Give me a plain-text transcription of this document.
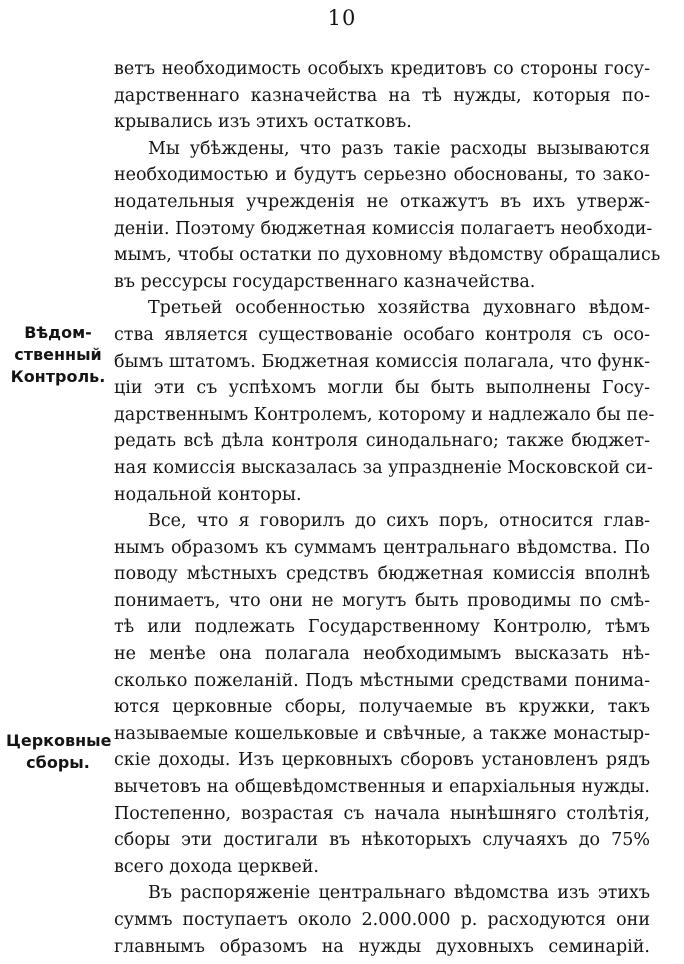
10
Вѣдом-
ственный
Контроль.
Церковные
сборы.
ветъ необходимость особыхъ кредитовъ со стороны госу-
дарственнаго казначейства на тѣ нужды, которыя по-
крывались изъ этихъ остатковъ.
Мы убѣждены, что разъ такіе расходы вызываются
необходимостью и будутъ серьезно обоснованы, то зако-
нодательныя учрежденія не откажутъ въ ихъ утверж-
деніи. Поэтому бюджетная комиссія полагаетъ необходи-
мымъ, чтобы остатки по духовному вѣдомству обращались
въ рессурсы государственнаго казначейства.
Третьей особенностью хозяйства духовнаго вѣдом-
ства является существованіе особаго контроля съ осо-
бымъ штатомъ. Бюджетная комиссія полагала, что функ-
ціи эти съ успѣхомъ могли бы быть выполнены Госу-
дарственнымъ Контролемъ, которому и надлежало бы пе-
редать всѣ дѣла контроля синодальнаго; также бюджет-
ная комиссія высказалась за упраздненіе Московской си-
нодальной конторы.
Все, что я говорилъ до сихъ поръ, относится глав-
нымъ образомъ къ суммамъ центральнаго вѣдомства. По
поводу мѣстныхъ средствъ бюджетная комиссія вполнѣ
понимаетъ, что они не могутъ быть проводимы по смѣ-
тѣ или подлежать Государственному Контролю, тѣмъ
не менѣе она полагала необходимымъ высказать нѣ-
сколько пожеланій. Подъ мѣстными средствами понима-
ются церковные сборы, получаемые въ кружки, такъ
называемые кошельковые и свѣчные, а также монастыр-
скіе доходы. Изъ церковныхъ сборовъ установленъ рядъ
вычетовъ на общевѣдомственныя и епархіальныя нужды.
Постепенно, возрастая съ начала нынѣшняго столѣтія,
сборы эти достигали въ нѣкоторыхъ случаяхъ до 75%
всего дохода церквей.
Въ распоряженіе центральнаго вѣдомства изъ этихъ
суммъ поступаетъ около 2.000.000 р. расходуются они
главнымъ образомъ на нужды духовныхъ семинарій.
